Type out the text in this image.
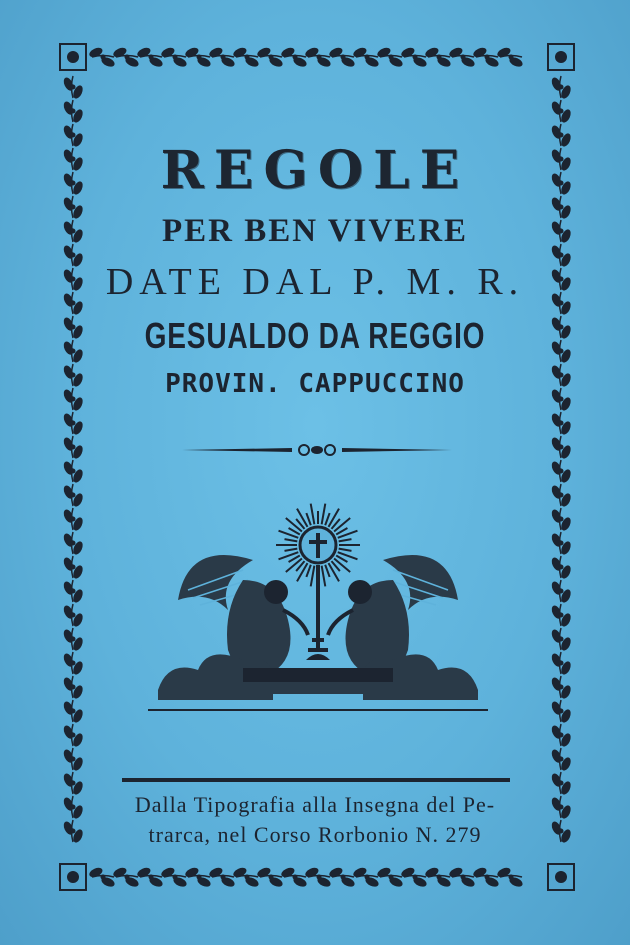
REGOLE
PER BEN VIVERE
DATE DAL P. M. R.
GESUALDO DA REGGIO
PROVIN. CAPPUCCINO
Dalla Tipografia alla Insegna del Pe-
trarca, nel Corso Rorbonio N. 279
